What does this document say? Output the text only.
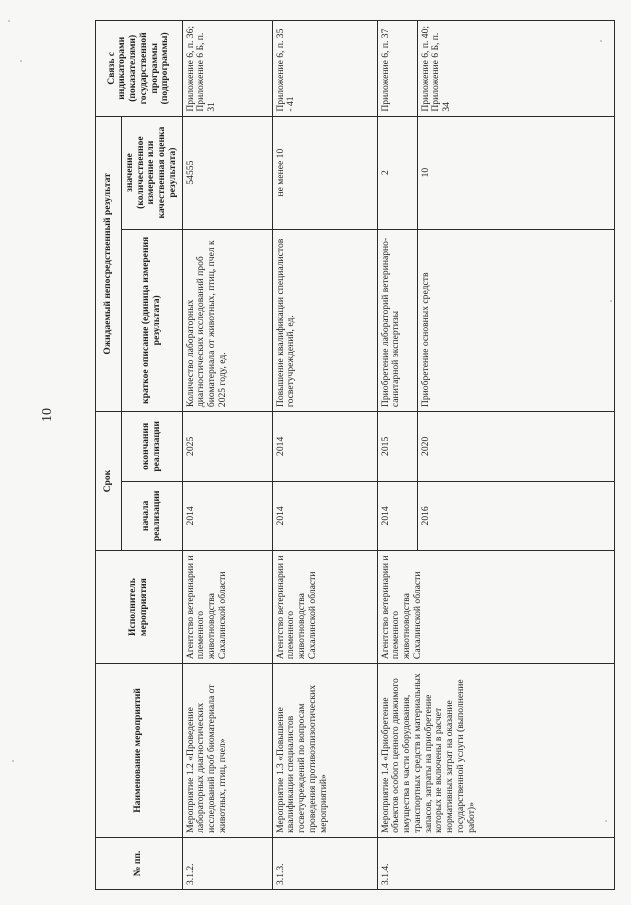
10
№ пп.	Наименование мероприятий	Исполнитель мероприятия	Срок		Ожидаемый непосредственный результат		Связь с индикаторами (показателями) государственной программы (подпрограммы)
			начала реализации	окончания реализации	краткое описание (единица измерения результата)	значение (количественное измерение или качественная оценка результата)	
3.1.2.	Мероприятие 1.2 «Проведение лабораторных диагностических исследований проб биоматериала от животных, птиц, пчел»	Агентство ветеринарии и племенного животноводства Сахалинской области	2014	2025	Количество лабораторных диагностических исследований проб биоматериала от животных, птиц, пчел к 2025 году, ед.	54555	Приложение 6, п. 36; Приложение 6 Б, п. 31
3.1.3.	Мероприятие 1.3 «Повышение квалификации специалистов госветучреждений по вопросам проведения противоэпизоотических мероприятий»	Агентство ветеринарии и племенного животноводства Сахалинской области	2014	2014	Повышение квалификации специалистов госветучреждений, ед.	не менее 10	Приложение 6, п. 35 - 41
3.1.4.	Мероприятие 1.4 «Приобретение объектов особого ценного движимого имущества в части оборудования, транспортных средств и материальных запасов, затраты на приобретение которых не включены в расчет нормативных затрат на оказание государственной услуги (выполнение работ)»	Агентство ветеринарии и племенного животноводства Сахалинской области	2014	2015	Приобретение лабораторий ветеринарно-санитарной экспертизы	2	Приложение 6, п. 37
			2016	2020	Приобретение основных средств	10	Приложение 6, п. 40; Приложение 6 Б, п. 34
